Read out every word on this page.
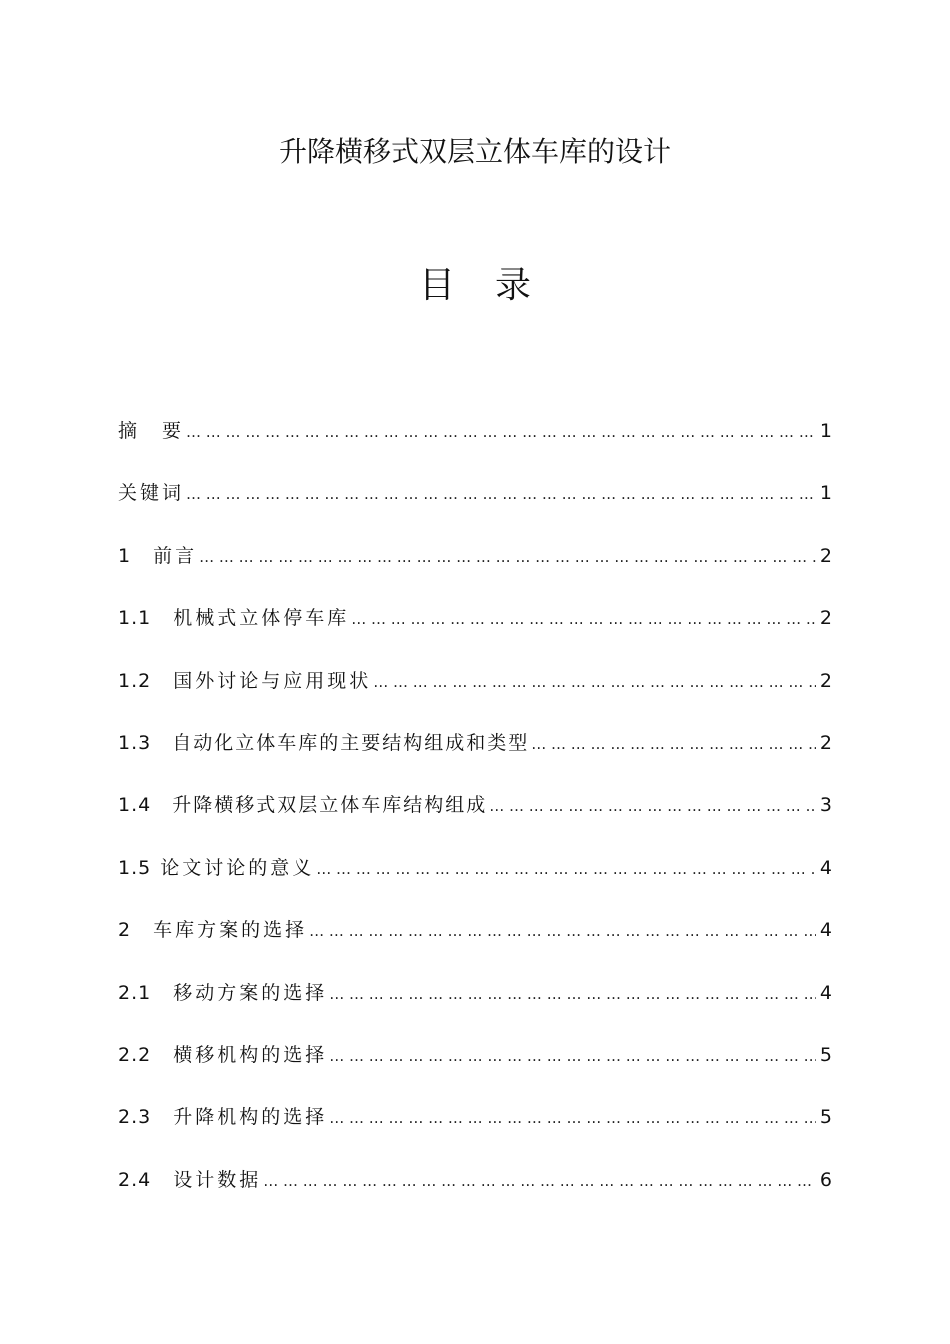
升降横移式双层立体车库的设计
目 录
摘　要 … … … … … … … … … … … … … … … … … … … … … … … … … … … … … … … … … … … … … … … … … … … … … … … … … … …	1
关键词 … … … … … … … … … … … … … … … … … … … … … … … … … … … … … … … … … … … … … … … … … … … … … … … … … … …	1
1　 前言 … … … … … … … … … … … … … … … … … … … … … … … … … … … … … … … … … … … … … … … … … … … … … … … … … … …	2
1.1　 机械式立体停车库 … … … … … … … … … … … … … … … … … … … … … … … … … … … … … … … … … … … … … … … … … … … … … … … … … … …	2
1.2　 国外讨论与应用现状 … … … … … … … … … … … … … … … … … … … … … … … … … … … … … … … … … … … … … … … … … … … … … … … … … … …	2
1.3　 自动化立体车库的主要结构组成和类型 … … … … … … … … … … … … … … … … … … … … … … … … … … … … … … … … … … … … … … … … … … … … … … … … … … …	2
1.4　 升降横移式双层立体车库结构组成 … … … … … … … … … … … … … … … … … … … … … … … … … … … … … … … … … … … … … … … … … … … … … … … … … … …	3
1.5 论文讨论的意义 … … … … … … … … … … … … … … … … … … … … … … … … … … … … … … … … … … … … … … … … … … … … … … … … … … …	4
2　 车库方案的选择 … … … … … … … … … … … … … … … … … … … … … … … … … … … … … … … … … … … … … … … … … … … … … … … … … … …	4
2.1　 移动方案的选择 … … … … … … … … … … … … … … … … … … … … … … … … … … … … … … … … … … … … … … … … … … … … … … … … … … …	4
2.2　 横移机构的选择 … … … … … … … … … … … … … … … … … … … … … … … … … … … … … … … … … … … … … … … … … … … … … … … … … … …	5
2.3　 升降机构的选择 … … … … … … … … … … … … … … … … … … … … … … … … … … … … … … … … … … … … … … … … … … … … … … … … … … …	5
2.4　 设计数据 … … … … … … … … … … … … … … … … … … … … … … … … … … … … … … … … … … … … … … … … … … … … … … … … … … …	6
